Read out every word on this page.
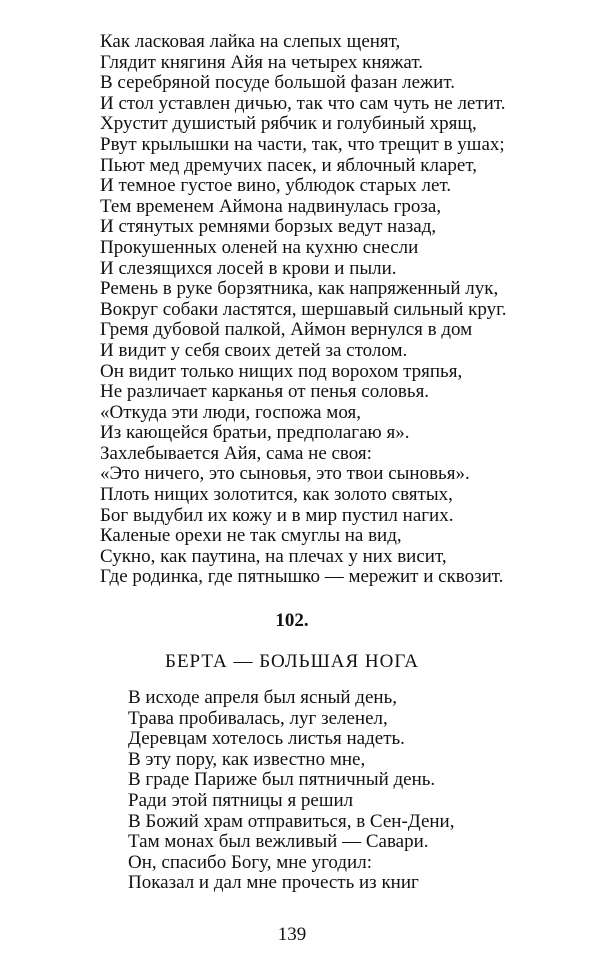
Как ласковая лайка на слепых щенят,
Глядит княгиня Айя на четырех княжат.
В серебряной посуде большой фазан лежит.
И стол уставлен дичью, так что сам чуть не летит.
Хрустит душистый рябчик и голубиный хрящ,
Рвут крылышки на части, так, что трещит в ушах;
Пьют мед дремучих пасек, и яблочный кларет,
И темное густое вино, ублюдок старых лет.
Тем временем Аймона надвинулась гроза,
И стянутых ремнями борзых ведут назад,
Прокушенных оленей на кухню снесли
И слезящихся лосей в крови и пыли.
Ремень в руке борзятника, как напряженный лук,
Вокруг собаки ластятся, шершавый сильный круг.
Гремя дубовой палкой, Аймон вернулся в дом
И видит у себя своих детей за столом.
Он видит только нищих под ворохом тряпья,
Не различает карканья от пенья соловья.
«Откуда эти люди, госпожа моя,
Из кающейся братьи, предполагаю я».
Захлебывается Айя, сама не своя:
«Это ничего, это сыновья, это твои сыновья».
Плоть нищих золотится, как золото святых,
Бог выдубил их кожу и в мир пустил нагих.
Каленые орехи не так смуглы на вид,
Сукно, как паутина, на плечах у них висит,
Где родинка, где пятнышко — мережит и сквозит.
102.
БЕРТА — БОЛЬШАЯ НОГА
В исходе апреля был ясный день,
Трава пробивалась, луг зеленел,
Деревцам хотелось листья надеть.
В эту пору, как известно мне,
В граде Париже был пятничный день.
Ради этой пятницы я решил
В Божий храм отправиться, в Сен-Дени,
Там монах был вежливый — Савари.
Он, спасибо Богу, мне угодил:
Показал и дал мне прочесть из книг
139
